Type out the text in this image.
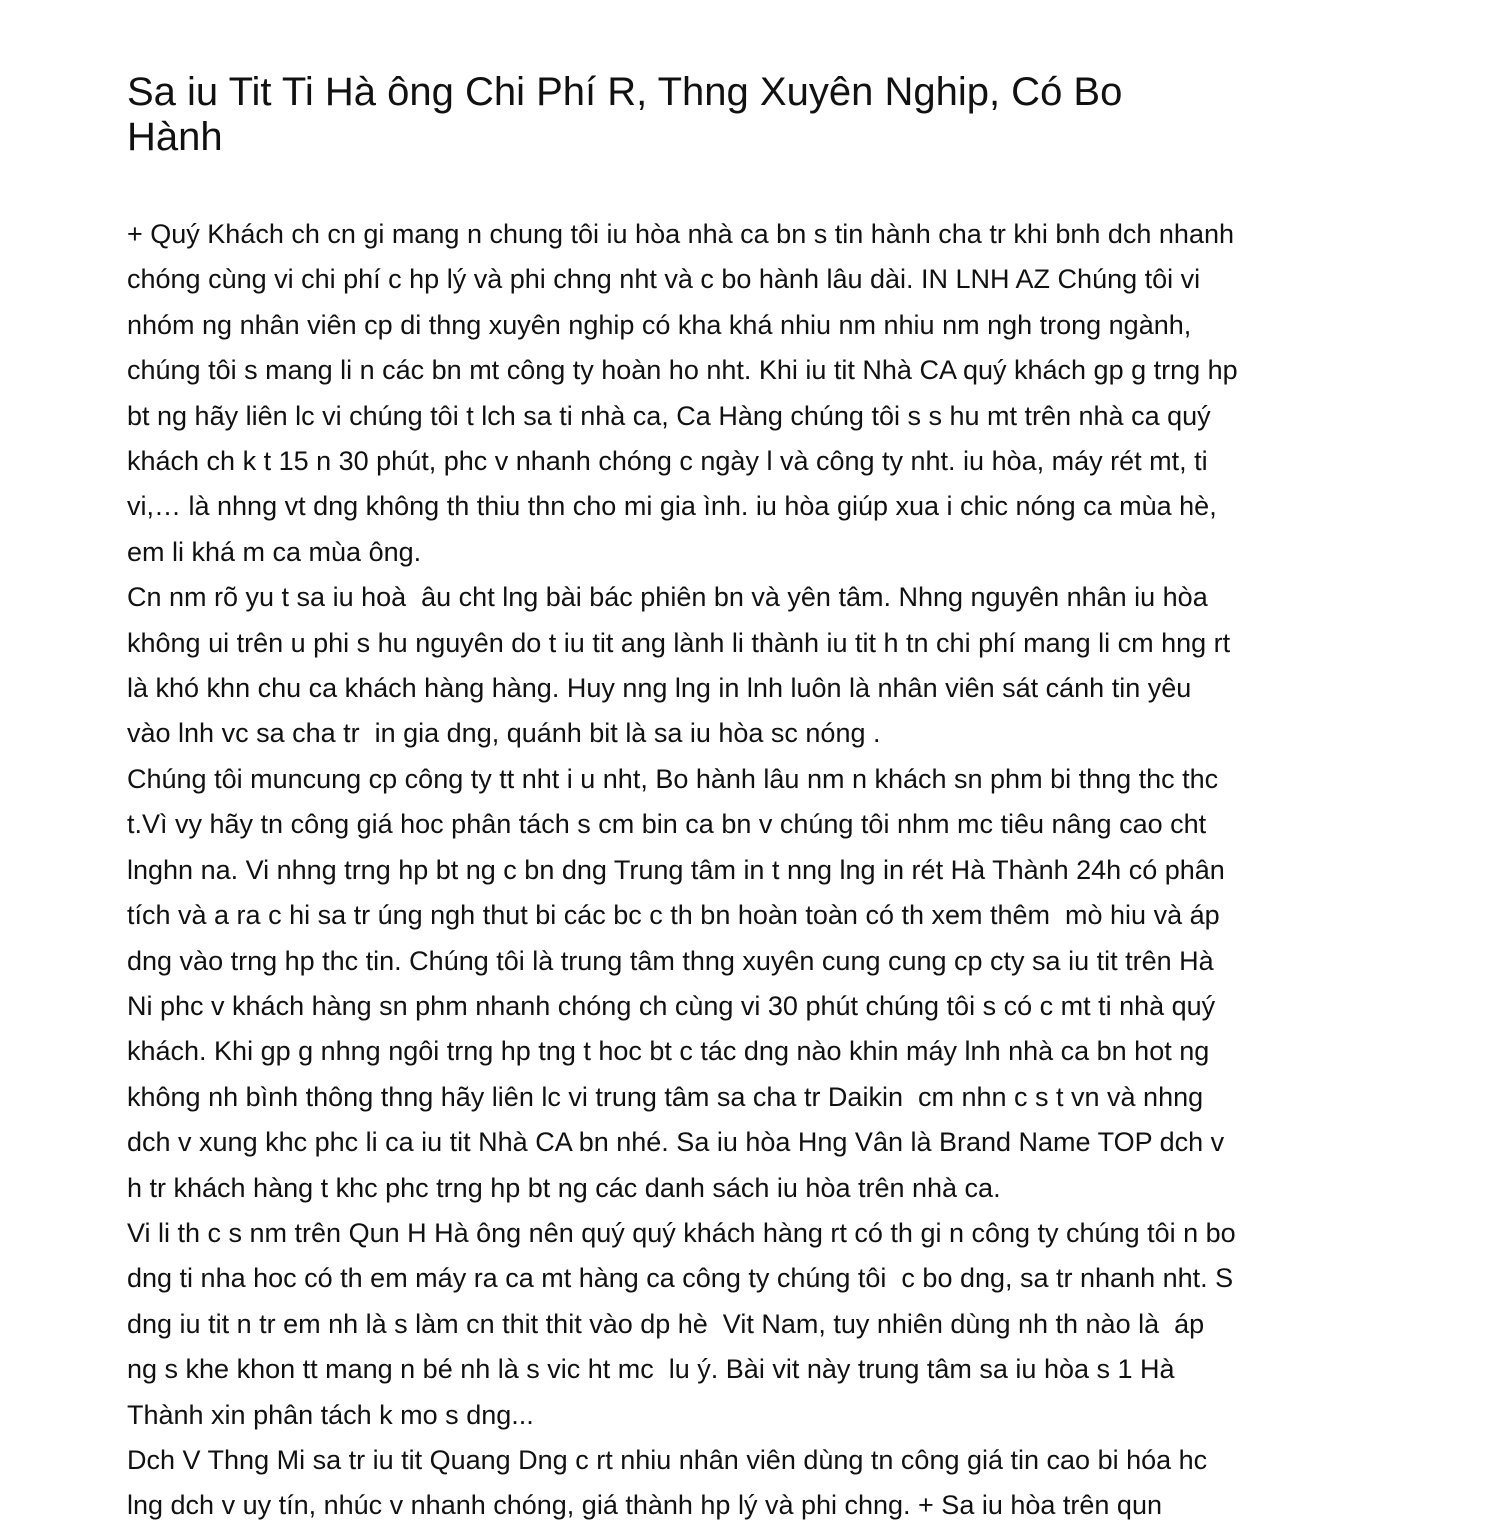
Sa iu Tit Ti Hà ông Chi Phí R, Thng Xuyên Nghip, Có Bo
Hành
+ Quý Khách ch cn gi mang n chung tôi iu hòa nhà ca bn s tin hành cha tr khi bnh dch nhanh
chóng cùng vi chi phí c hp lý và phi chng nht và c bo hành lâu dài. IN LNH AZ Chúng tôi vi
nhóm ng nhân viên cp di thng xuyên nghip có kha khá nhiu nm nhiu nm ngh trong ngành,
chúng tôi s mang li n các bn mt công ty hoàn ho nht. Khi iu tit Nhà CA quý khách gp g trng hp
bt ng hãy liên lc vi chúng tôi t lch sa ti nhà ca, Ca Hàng chúng tôi s s hu mt trên nhà ca quý
khách ch k t 15 n 30 phút, phc v nhanh chóng c ngày l và công ty nht. iu hòa, máy rét mt, ti
vi,… là nhng vt dng không th thiu thn cho mi gia ình. iu hòa giúp xua i chic nóng ca mùa hè,
em li khá m ca mùa ông.
Cn nm rõ yu t sa iu hoà  âu cht lng bài bác phiên bn và yên tâm. Nhng nguyên nhân iu hòa
không ui trên u phi s hu nguyên do t iu tit ang lành li thành iu tit h tn chi phí mang li cm hng rt
là khó khn chu ca khách hàng hàng. Huy nng lng in lnh luôn là nhân viên sát cánh tin yêu
vào lnh vc sa cha tr  in gia dng, quánh bit là sa iu hòa sc nóng .
Chúng tôi muncung cp công ty tt nht i u nht, Bo hành lâu nm n khách sn phm bi thng thc thc
t.Vì vy hãy tn công giá hoc phân tách s cm bin ca bn v chúng tôi nhm mc tiêu nâng cao cht
lnghn na. Vi nhng trng hp bt ng c bn dng Trung tâm in t nng lng in rét Hà Thành 24h có phân
tích và a ra c hi sa tr úng ngh thut bi các bc c th bn hoàn toàn có th xem thêm  mò hiu và áp
dng vào trng hp thc tin. Chúng tôi là trung tâm thng xuyên cung cung cp cty sa iu tit trên Hà
Ni phc v khách hàng sn phm nhanh chóng ch cùng vi 30 phút chúng tôi s có c mt ti nhà quý
khách. Khi gp g nhng ngôi trng hp tng t hoc bt c tác dng nào khin máy lnh nhà ca bn hot ng
không nh bình thông thng hãy liên lc vi trung tâm sa cha tr Daikin  cm nhn c s t vn và nhng
dch v xung khc phc li ca iu tit Nhà CA bn nhé. Sa iu hòa Hng Vân là Brand Name TOP dch v
h tr khách hàng t khc phc trng hp bt ng các danh sách iu hòa trên nhà ca.
Vi li th c s nm trên Qun H Hà ông nên quý quý khách hàng rt có th gi n công ty chúng tôi n bo
dng ti nha hoc có th em máy ra ca mt hàng ca công ty chúng tôi  c bo dng, sa tr nhanh nht. S
dng iu tit n tr em nh là s làm cn thit thit vào dp hè  Vit Nam, tuy nhiên dùng nh th nào là  áp
ng s khe khon tt mang n bé nh là s vic ht mc  lu ý. Bài vit này trung tâm sa iu hòa s 1 Hà
Thành xin phân tách k mo s dng...
Dch V Thng Mi sa tr iu tit Quang Dng c rt nhiu nhân viên dùng tn công giá tin cao bi hóa hc
lng dch v uy tín, nhúc v nhanh chóng, giá thành hp lý và phi chng. + Sa iu hòa trên qun
